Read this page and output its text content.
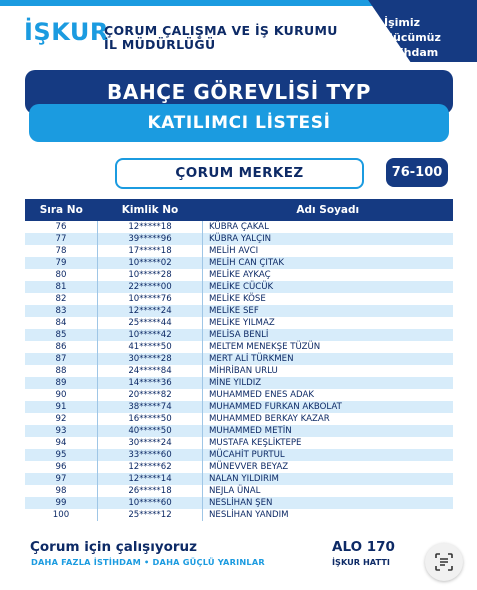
İŞKUR
ÇORUM ÇALIŞMA VE İŞ KURUMU
İL MÜDÜRLÜĞÜ
İşimiz
Gücümüz
İstihdam
BAHÇE GÖREVLİSİ TYP
KATILIMCI LİSTESİ
ÇORUM MERKEZ	76-100
Sıra No	Kimlik No	Adı Soyadı
76	12*****18	KÜBRA ÇAKAL
77	39*****96	KÜBRA YALÇIN
78	17*****18	MELİH AVCI
79	10*****02	MELİH CAN ÇITAK
80	10*****28	MELİKE AYKAÇ
81	22*****00	MELİKE CÜCÜK
82	10*****76	MELİKE KÖSE
83	12*****24	MELİKE SEF
84	25*****44	MELİKE YILMAZ
85	10*****42	MELİSA BENLİ
86	41*****50	MELTEM MENEKŞE TÜZÜN
87	30*****28	MERT ALİ TÜRKMEN
88	24*****84	MİHRİBAN URLU
89	14*****36	MİNE YILDIZ
90	20*****82	MUHAMMED ENES ADAK
91	38*****74	MUHAMMED FURKAN AKBOLAT
92	16*****50	MUHAMMED BERKAY KAZAR
93	40*****50	MUHAMMED METİN
94	30*****24	MUSTAFA KEŞLİKTEPE
95	33*****60	MÜCAHİT PURTUL
96	12*****62	MÜNEVVER BEYAZ
97	12*****14	NALAN YILDIRIM
98	26*****18	NEJLA ÜNAL
99	10*****60	NESLİHAN ŞEN
100	25*****12	NESLİHAN YANDIM
Çorum için çalışıyoruz
DAHA FAZLA İSTİHDAM • DAHA GÜÇLÜ YARINLAR
ALO 170
İŞKUR HATTI
